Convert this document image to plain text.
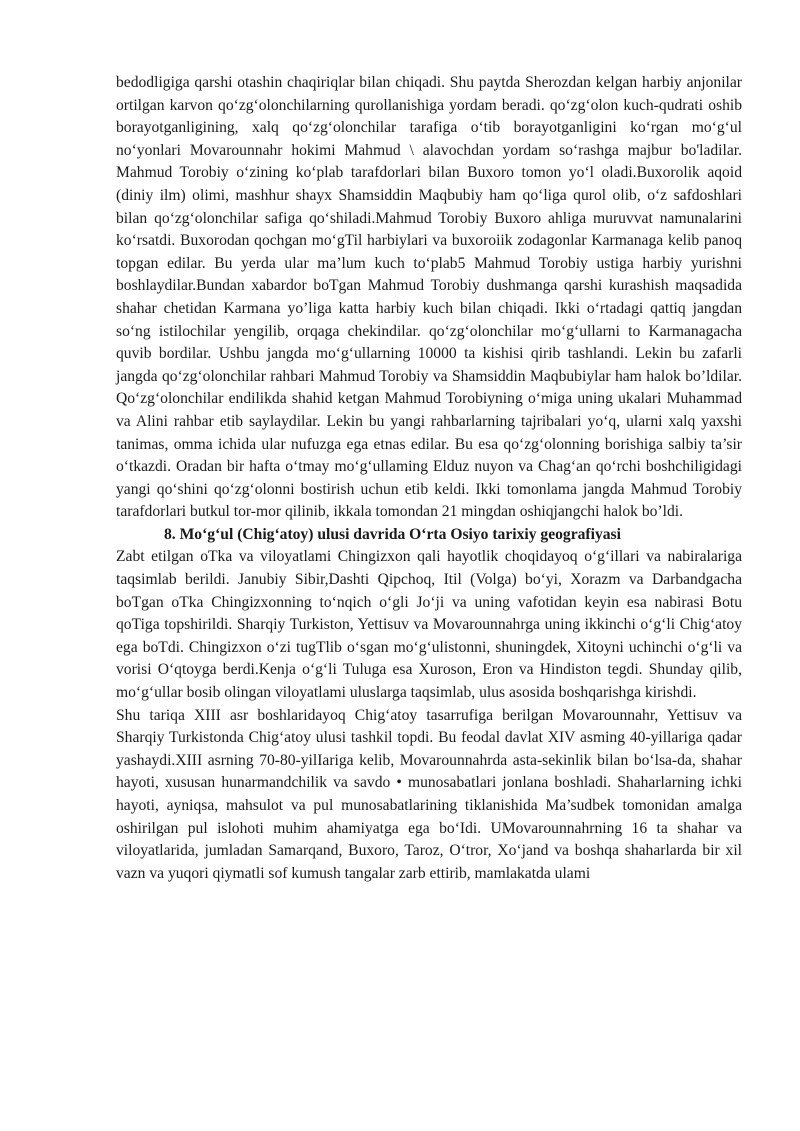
bedodligiga qarshi otashin chaqiriqlar bilan chiqadi. Shu paytda Sherozdan kelgan harbiy anjonilar ortilgan karvon qo‘zg‘olonchilarning qurollanishiga yordam beradi. qo‘zg‘olon kuch-qudrati oshib borayotganligining, xalq qo‘zg‘olonchilar tarafiga o‘tib borayotganligini ko‘rgan mo‘g‘ul no‘yonlari Movarounnahr hokimi Mahmud \ alavochdan yordam so‘rashga majbur bo'ladilar. Mahmud Torobiy o‘zining ko‘plab tarafdorlari bilan Buxoro tomon yo‘l oladi.Buxorolik aqoid (diniy ilm) olimi, mashhur shayx Shamsiddin Maqbubiy ham qo‘liga qurol olib, o‘z safdoshlari bilan qo‘zg‘olonchilar safiga qo‘shiladi.Mahmud Torobiy Buxoro ahliga muruvvat namunalarini ko‘rsatdi. Buxorodan qochgan mo‘gTil harbiylari va buxoroiik zodagonlar Karmanaga kelib panoq topgan edilar. Bu yerda ular ma’lum kuch to‘plab5 Mahmud Torobiy ustiga harbiy yurishni boshlaydilar.Bundan xabardor boTgan Mahmud Torobiy dushmanga qarshi kurashish maqsadida shahar chetidan Karmana yo’liga katta harbiy kuch bilan chiqadi. Ikki o‘rtadagi qattiq jangdan so‘ng istilochilar yengilib, orqaga chekindilar. qo‘zg‘olonchilar mo‘g‘ullarni to Karmanagacha quvib bordilar. Ushbu jangda mo‘g‘ullarning 10000 ta kishisi qirib tashlandi. Lekin bu zafarli jangda qo‘zg‘olonchilar rahbari Mahmud Torobiy va Shamsiddin Maqbubiylar ham halok bo’ldilar. Qo‘zg‘olonchilar endilikda shahid ketgan Mahmud Torobiyning o‘miga uning ukalari Muhammad va Alini rahbar etib saylaydilar. Lekin bu yangi rahbarlarning tajribalari yo‘q, ularni xalq yaxshi tanimas, omma ichida ular nufuzga ega etnas edilar. Bu esa qo‘zg‘olonning borishiga salbiy ta’sir o‘tkazdi. Oradan bir hafta o‘tmay mo‘g‘ullaming Elduz nuyon va Chag‘an qo‘rchi boshchiligidagi yangi qo‘shini qo‘zg‘olonni bostirish uchun etib keldi. Ikki tomonlama jangda Mahmud Torobiy tarafdorlari butkul tor-mor qilinib, ikkala tomondan 21 mingdan oshiqjangchi halok bo’ldi.

8. Mo‘g‘ul (Chig‘atoy) ulusi davrida O‘rta Osiyo tarixiy geografiyasi

Zabt etilgan oTka va viloyatlami Chingizxon qali hayotlik choqidayoq o‘g‘illari va nabiralariga taqsimlab berildi. Janubiy Sibir,Dashti Qipchoq, Itil (Volga) bo‘yi, Xorazm va Darbandgacha boTgan oTka Chingizxonning to‘nqich o‘gli Jo‘ji va uning vafotidan keyin esa nabirasi Botu qoTiga topshirildi. Sharqiy Turkiston, Yettisuv va Movarounnahrga uning ikkinchi o‘g‘li Chig‘atoy ega boTdi. Chingizxon o‘zi tugTlib o‘sgan mo‘g‘ulistonni, shuningdek, Xitoyni uchinchi o‘g‘li va vorisi O‘qtoyga berdi.Kenja o‘g‘li Tuluga esa Xuroson, Eron va Hindiston tegdi. Shunday qilib, mo‘g‘ullar bosib olingan viloyatlami uluslarga taqsimlab, ulus asosida boshqarishga kirishdi.

Shu tariqa XIII asr boshlaridayoq Chig‘atoy tasarrufiga berilgan Movarounnahr, Yettisuv va Sharqiy Turkistonda Chig‘atoy ulusi tashkil topdi. Bu feodal davlat XIV asming 40-yillariga qadar yashaydi.XIII asrning 70-80-yilIariga kelib, Movarounnahrda asta-sekinlik bilan bo‘lsa-da, shahar hayoti, xususan hunarmandchilik va savdo • munosabatlari jonlana boshladi. Shaharlarning ichki hayoti, ayniqsa, mahsulot va pul munosabatlarining tiklanishida Ma’sudbek tomonidan amalga oshirilgan pul islohoti muhim ahamiyatga ega bo‘Idi. UMovarounnahrning 16 ta shahar va viloyatlarida, jumladan Samarqand, Buxoro, Taroz, O‘tror, Xo‘jand va boshqa shaharlarda bir xil vazn va yuqori qiymatli sof kumush tangalar zarb ettirib, mamlakatda ulami
